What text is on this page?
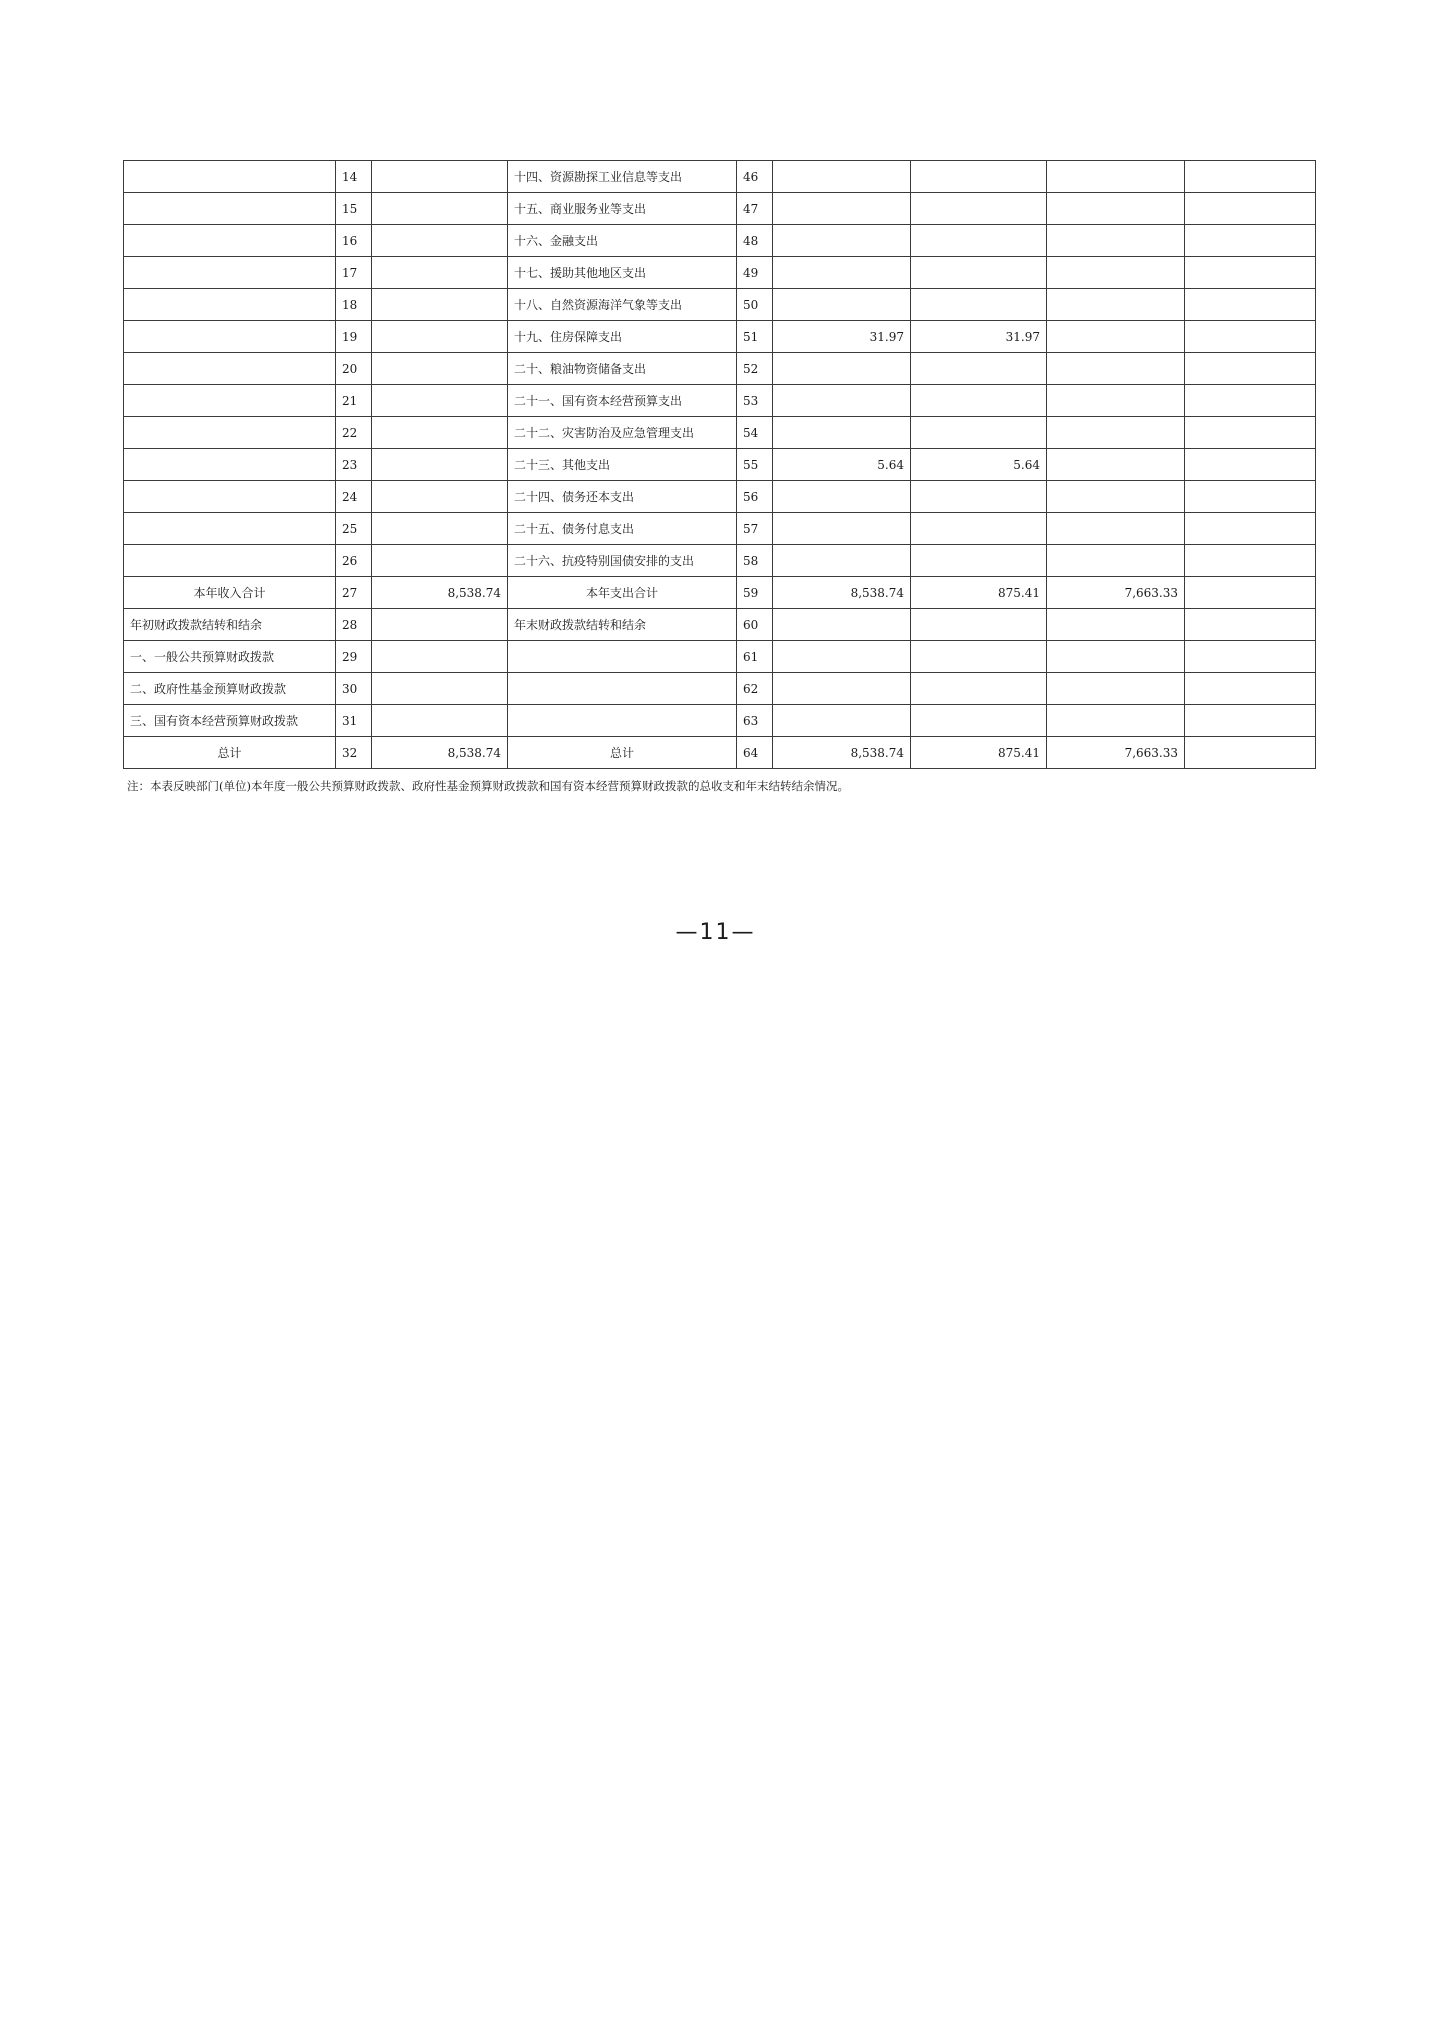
	14		十四、资源勘探工业信息等支出	46				
	15		十五、商业服务业等支出	47				
	16		十六、金融支出	48				
	17		十七、援助其他地区支出	49				
	18		十八、自然资源海洋气象等支出	50				
	19		十九、住房保障支出	51	31.97	31.97		
	20		二十、粮油物资储备支出	52				
	21		二十一、国有资本经营预算支出	53				
	22		二十二、灾害防治及应急管理支出	54				
	23		二十三、其他支出	55	5.64	5.64		
	24		二十四、债务还本支出	56				
	25		二十五、债务付息支出	57				
	26		二十六、抗疫特别国债安排的支出	58				
本年收入合计	27	8,538.74	本年支出合计	59	8,538.74	875.41	7,663.33	
年初财政拨款结转和结余	28		年末财政拨款结转和结余	60				
一、一般公共预算财政拨款	29			61				
二、政府性基金预算财政拨款	30			62				
三、国有资本经营预算财政拨款	31			63				
总计	32	8,538.74	总计	64	8,538.74	875.41	7,663.33	
注：本表反映部门(单位)本年度一般公共预算财政拨款、政府性基金预算财政拨款和国有资本经营预算财政拨款的总收支和年末结转结余情况。
—11—
